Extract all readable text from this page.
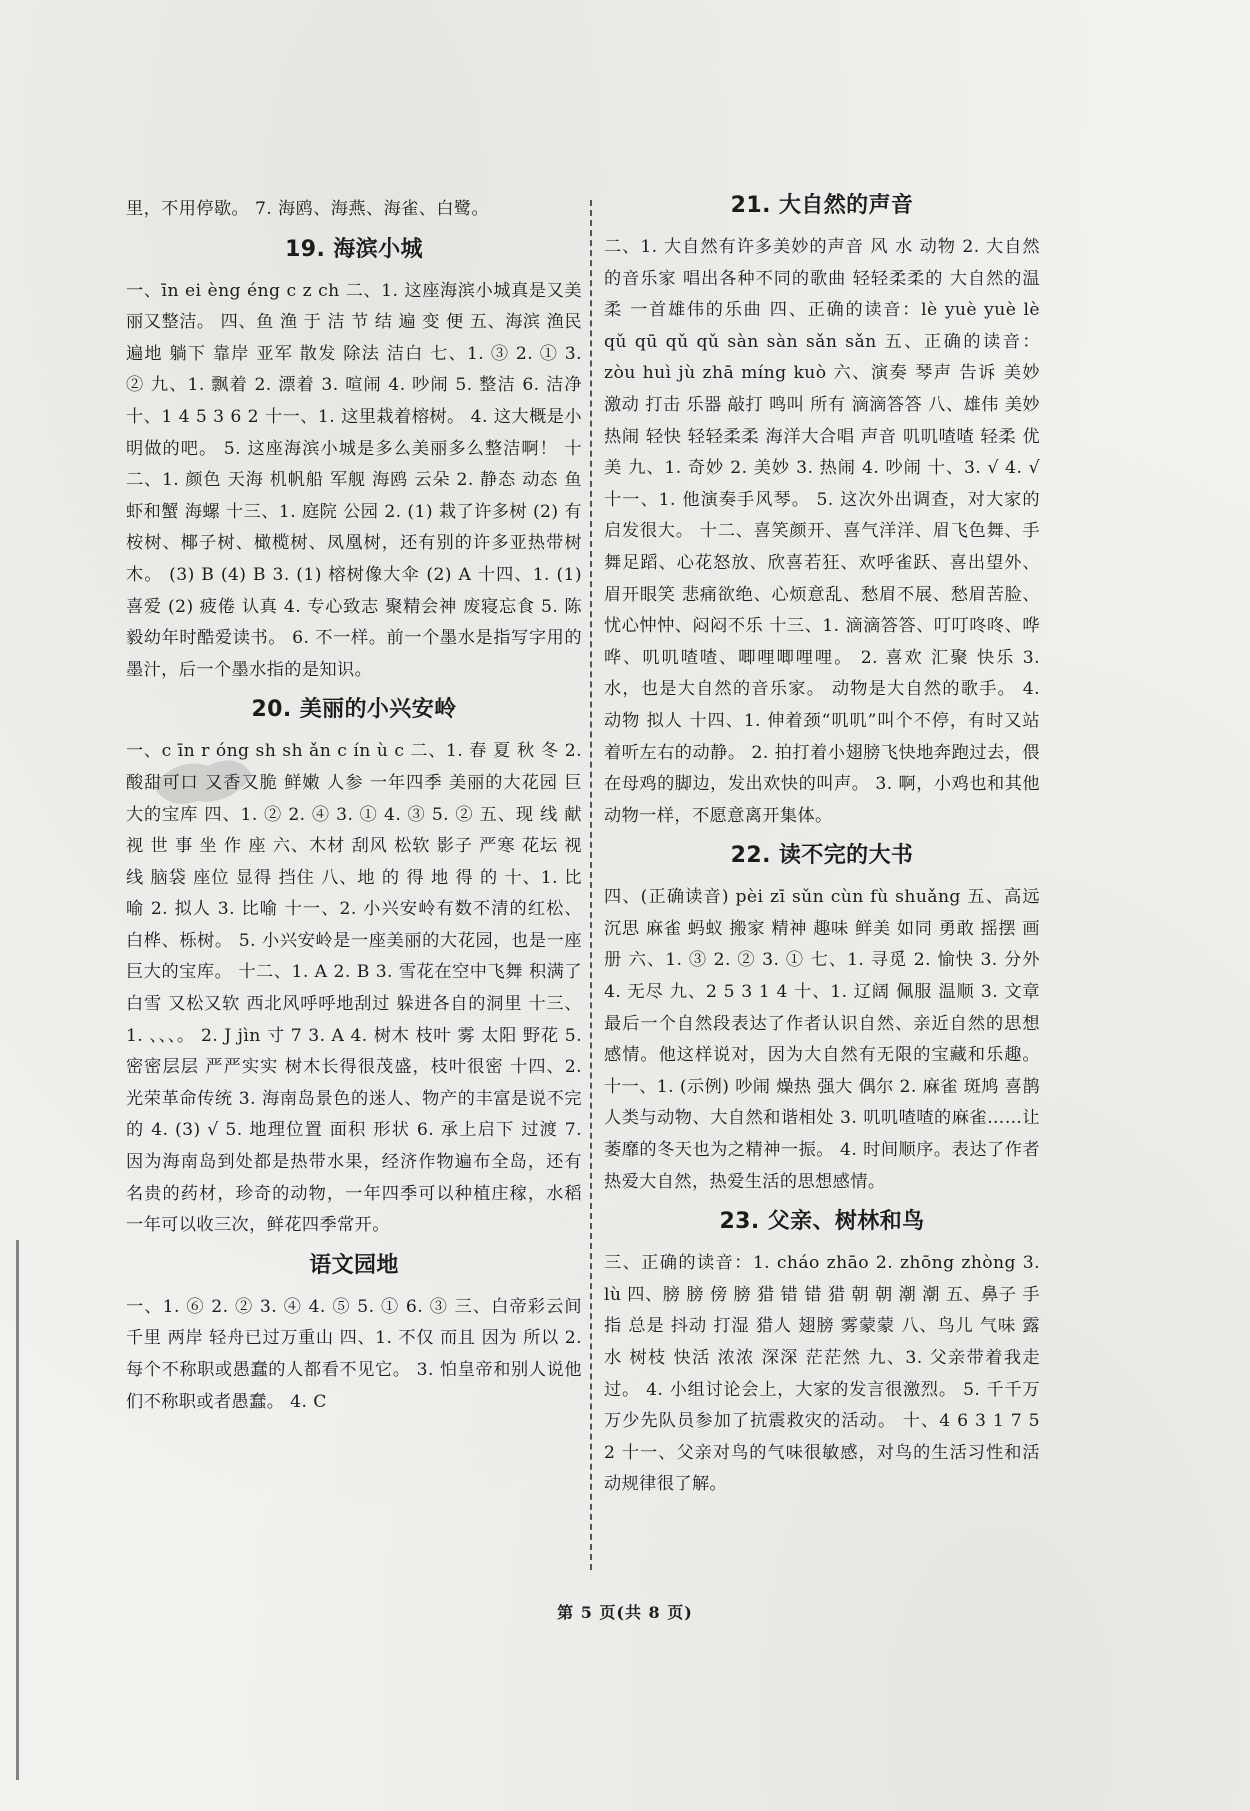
里，不用停歇。 7. 海鸥、海燕、海雀、白鹭。

19. 海滨小城

一、īn ei èng éng c z ch 二、1. 这座海滨小城真是又美丽又整洁。 四、鱼 渔 于 洁 节 结 遍 变 便 五、海滨 渔民 遍地 躺下 靠岸 亚军 散发 除法 洁白 七、1. ③ 2. ① 3. ② 九、1. 飘着 2. 漂着 3. 喧闹 4. 吵闹 5. 整洁 6. 洁净 十、1 4 5 3 6 2 十一、1. 这里栽着榕树。 4. 这大概是小明做的吧。 5. 这座海滨小城是多么美丽多么整洁啊！ 十二、1. 颜色 天海 机帆船 军舰 海鸥 云朵 2. 静态 动态 鱼 虾和蟹 海螺 十三、1. 庭院 公园 2. (1) 栽了许多树 (2) 有桉树、椰子树、橄榄树、凤凰树，还有别的许多亚热带树木。 (3) B (4) B 3. (1) 榕树像大伞 (2) A 十四、1. (1) 喜爱 (2) 疲倦 认真 4. 专心致志 聚精会神 废寝忘食 5. 陈毅幼年时酷爱读书。 6. 不一样。前一个墨水是指写字用的墨汁，后一个墨水指的是知识。

20. 美丽的小兴安岭

一、c īn r óng sh sh ǎn c ín ù c 二、1. 春 夏 秋 冬 2. 酸甜可口 又香又脆 鲜嫩 人参 一年四季 美丽的大花园 巨大的宝库 四、1. ② 2. ④ 3. ① 4. ③ 5. ② 五、现 线 献 视 世 事 坐 作 座 六、木材 刮风 松软 影子 严寒 花坛 视线 脑袋 座位 显得 挡住 八、地 的 得 地 得 的 十、1. 比喻 2. 拟人 3. 比喻 十一、2. 小兴安岭有数不清的红松、白桦、栎树。 5. 小兴安岭是一座美丽的大花园，也是一座巨大的宝库。 十二、1. A 2. B 3. 雪花在空中飞舞 积满了白雪 又松又软 西北风呼呼地刮过 躲进各自的洞里 十三、1. 、、、。 2. J jìn 寸 7 3. A 4. 树木 枝叶 雾 太阳 野花 5. 密密层层 严严实实 树木长得很茂盛，枝叶很密 十四、2. 光荣革命传统 3. 海南岛景色的迷人、物产的丰富是说不完的 4. (3) √ 5. 地理位置 面积 形状 6. 承上启下 过渡 7. 因为海南岛到处都是热带水果，经济作物遍布全岛，还有名贵的药材，珍奇的动物，一年四季可以种植庄稼，水稻一年可以收三次，鲜花四季常开。

语文园地

一、1. ⑥ 2. ② 3. ④ 4. ⑤ 5. ① 6. ③ 三、白帝彩云间 千里 两岸 轻舟已过万重山 四、1. 不仅 而且 因为 所以 2. 每个不称职或愚蠢的人都看不见它。 3. 怕皇帝和别人说他们不称职或者愚蠢。 4. C

21. 大自然的声音

二、1. 大自然有许多美妙的声音 风 水 动物 2. 大自然的音乐家 唱出各种不同的歌曲 轻轻柔柔的 大自然的温柔 一首雄伟的乐曲 四、正确的读音：lè yuè yuè lè qǔ qū qǔ qǔ sàn sàn sǎn sǎn 五、正确的读音：zòu huì jù zhā míng kuò 六、演奏 琴声 告诉 美妙 激动 打击 乐器 敲打 鸣叫 所有 滴滴答答 八、雄伟 美妙 热闹 轻快 轻轻柔柔 海洋大合唱 声音 叽叽喳喳 轻柔 优美 九、1. 奇妙 2. 美妙 3. 热闹 4. 吵闹 十、3. √ 4. √ 十一、1. 他演奏手风琴。 5. 这次外出调查，对大家的启发很大。 十二、喜笑颜开、喜气洋洋、眉飞色舞、手舞足蹈、心花怒放、欣喜若狂、欢呼雀跃、喜出望外、眉开眼笑 悲痛欲绝、心烦意乱、愁眉不展、愁眉苦脸、忧心忡忡、闷闷不乐 十三、1. 滴滴答答、叮叮咚咚、哗哗、叽叽喳喳、唧哩唧哩哩。 2. 喜欢 汇聚 快乐 3. 水，也是大自然的音乐家。 动物是大自然的歌手。 4. 动物 拟人 十四、1. 伸着颈“叽叽”叫个不停，有时又站着听左右的动静。 2. 拍打着小翅膀飞快地奔跑过去，偎在母鸡的脚边，发出欢快的叫声。 3. 啊，小鸡也和其他动物一样，不愿意离开集体。

22. 读不完的大书

四、(正确读音) pèi zī sǔn cùn fù shuǎng 五、高远 沉思 麻雀 蚂蚁 搬家 精神 趣味 鲜美 如同 勇敢 摇摆 画册 六、1. ③ 2. ② 3. ① 七、1. 寻觅 2. 愉快 3. 分外 4. 无尽 九、2 5 3 1 4 十、1. 辽阔 佩服 温顺 3. 文章最后一个自然段表达了作者认识自然、亲近自然的思想感情。他这样说对，因为大自然有无限的宝藏和乐趣。 十一、1. (示例) 吵闹 燥热 强大 偶尔 2. 麻雀 斑鸠 喜鹊 人类与动物、大自然和谐相处 3. 叽叽喳喳的麻雀……让萎靡的冬天也为之精神一振。 4. 时间顺序。表达了作者热爱大自然，热爱生活的思想感情。

23. 父亲、树林和鸟

三、正确的读音：1. cháo zhāo 2. zhōng zhòng 3. lù 四、膀 膀 傍 膀 猎 错 错 猎 朝 朝 潮 潮 五、鼻子 手指 总是 抖动 打湿 猎人 翅膀 雾蒙蒙 八、鸟儿 气味 露水 树枝 快活 浓浓 深深 茫茫然 九、3. 父亲带着我走过。 4. 小组讨论会上，大家的发言很激烈。 5. 千千万万少先队员参加了抗震救灾的活动。 十、4 6 3 1 7 5 2 十一、父亲对鸟的气味很敏感，对鸟的生活习性和活动规律很了解。

第 5 页(共 8 页)
